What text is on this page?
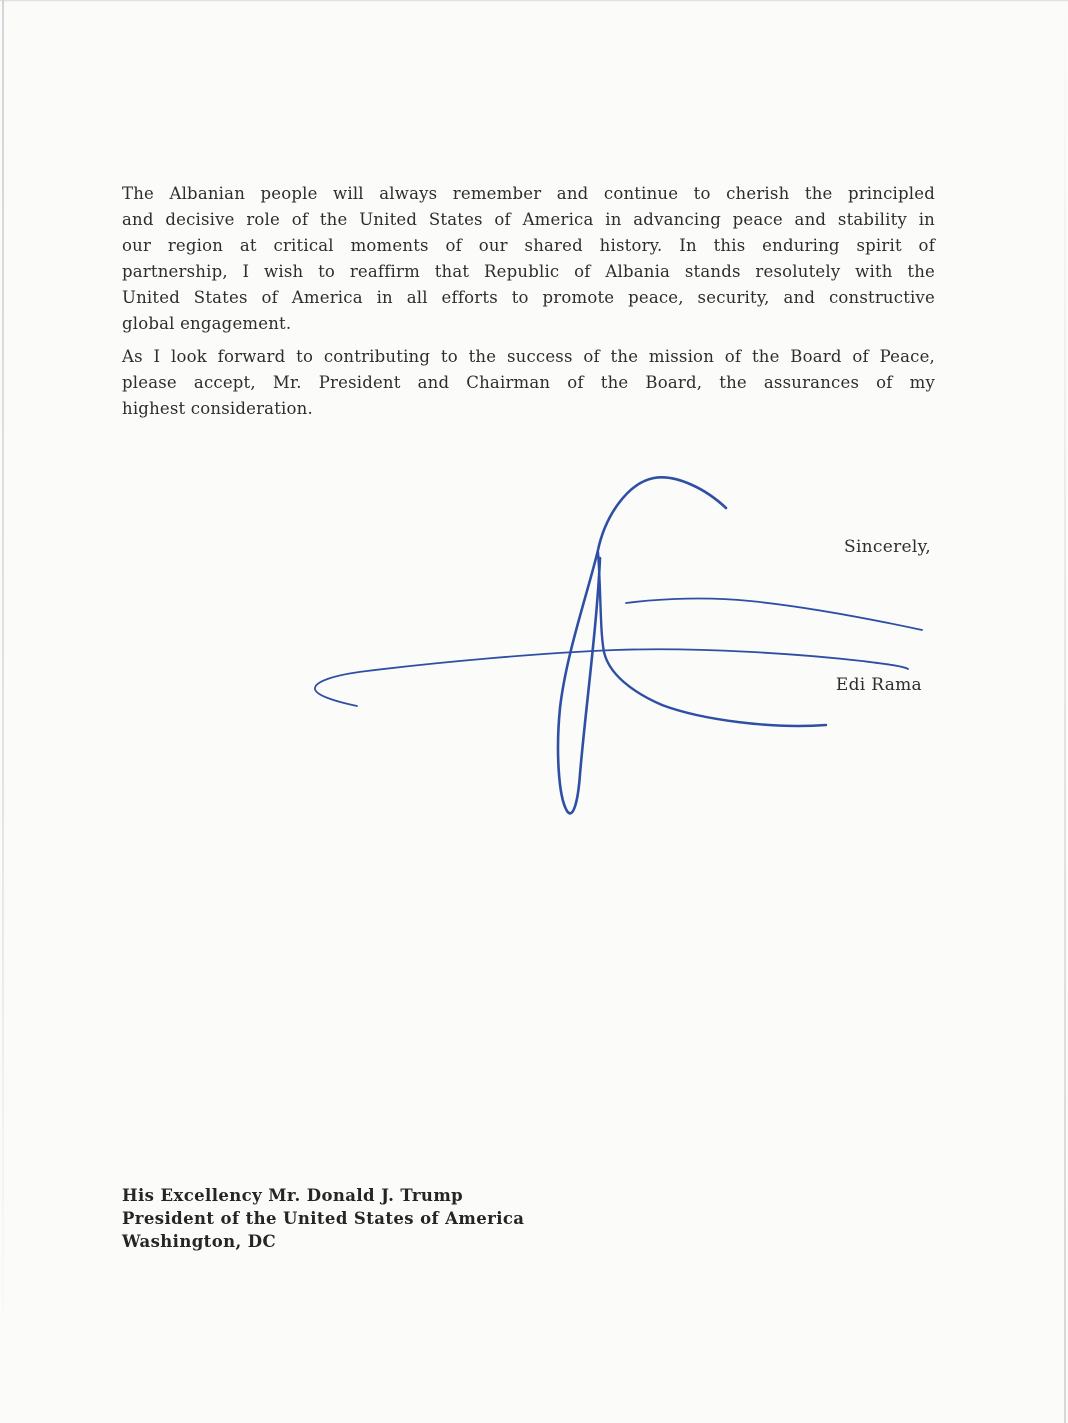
The Albanian people will always remember and continue to cherish the principled
and decisive role of the United States of America in advancing peace and stability in
our region at critical moments of our shared history. In this enduring spirit of
partnership, I wish to reaffirm that Republic of Albania stands resolutely with the
United States of America in all efforts to promote peace, security, and constructive
global engagement.
As I look forward to contributing to the success of the mission of the Board of Peace,
please accept, Mr. President and Chairman of the Board, the assurances of my
highest consideration.
Sincerely,
Edi Rama
His Excellency Mr. Donald J. Trump
President of the United States of America
Washington, DC
